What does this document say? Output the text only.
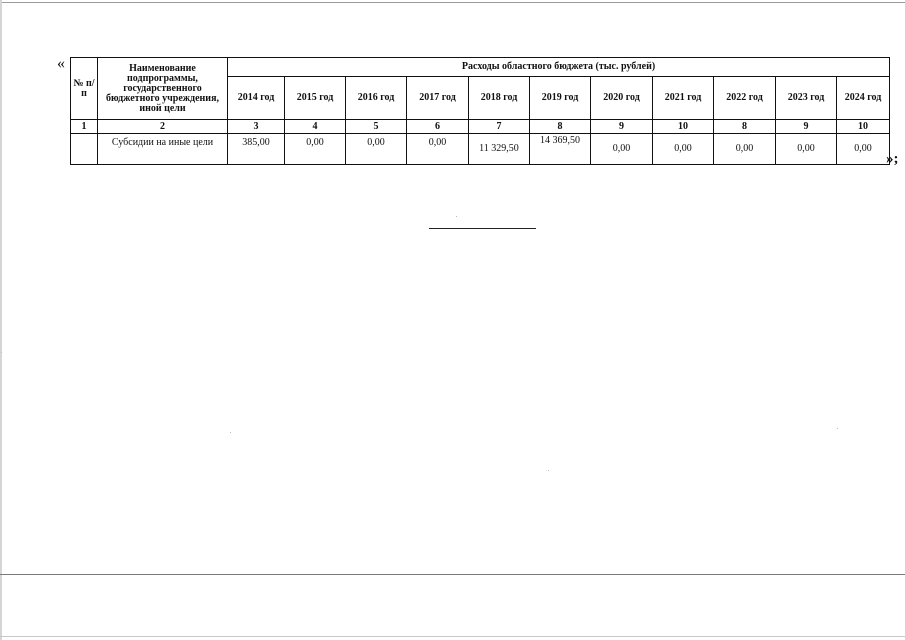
«
№ п/ п	Наименование подпрограммы, государственного бюджетного учреждения, иной цели	Расходы областного бюджета (тыс. рублей)										
		2014 год	2015 год	2016 год	2017 год	2018 год	2019 год	2020 год	2021 год	2022 год	2023 год	2024 год
1	2	3	4	5	6	7	8	9	10	8	9	10
	Субсидии на иные цели	385,00	0,00	0,00	0,00	11 329,50	14 369,50	0,00	0,00	0,00	0,00	0,00
»;
